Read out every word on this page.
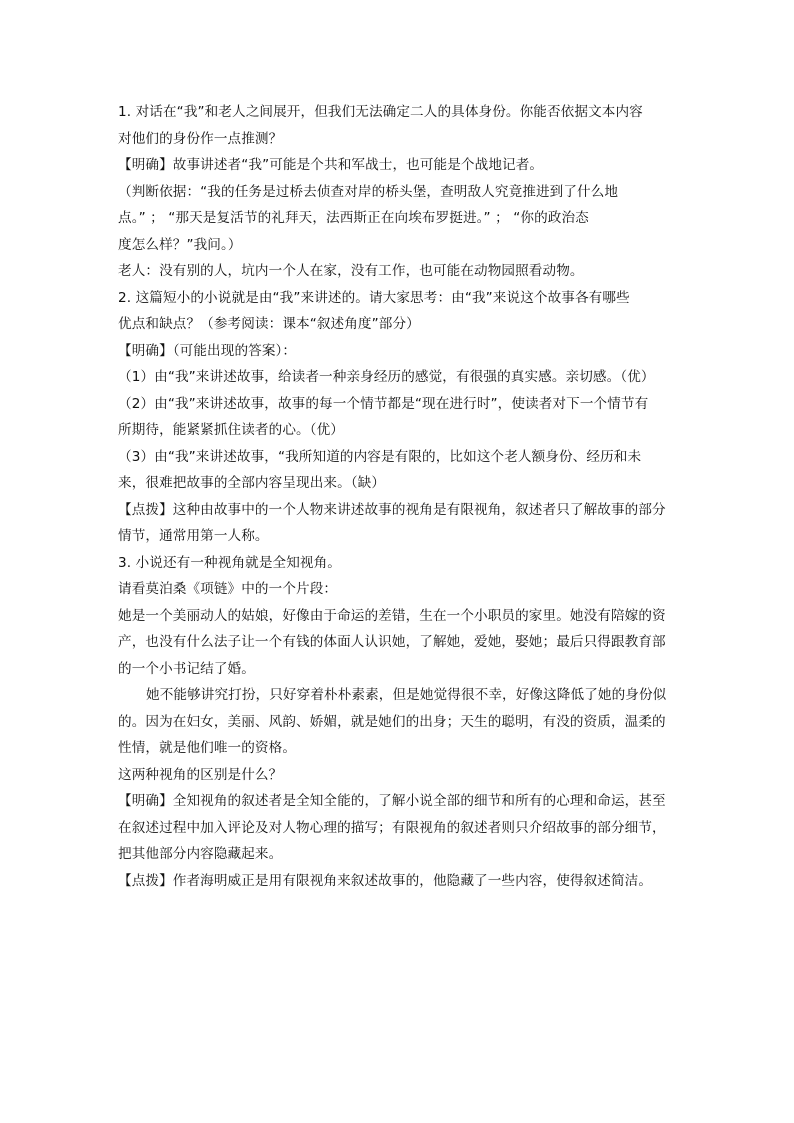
1. 对话在“我”和老人之间展开，但我们无法确定二人的具体身份。你能否依据文本内容

对他们的身份作一点推测？

【明确】故事讲述者“我”可能是个共和军战士，也可能是个战地记者。

（判断依据：“我的任务是过桥去侦查对岸的桥头堡，查明敌人究竟推进到了什么地

点。” ； “那天是复活节的礼拜天，法西斯正在向埃布罗挺进。” ； “你的政治态

度怎么样？”我问。）

老人：没有别的人，坑内一个人在家，没有工作，也可能在动物园照看动物。

2. 这篇短小的小说就是由“我”来讲述的。请大家思考：由“我”来说这个故事各有哪些

优点和缺点？（参考阅读：课本“叙述角度”部分）

【明确】（可能出现的答案）：

（1）由“我”来讲述故事，给读者一种亲身经历的感觉，有很强的真实感。亲切感。（优）

（2）由“我”来讲述故事，故事的每一个情节都是“现在进行时”，使读者对下一个情节有

所期待，能紧紧抓住读者的心。（优）

（3）由“我”来讲述故事，“我所知道的内容是有限的，比如这个老人额身份、经历和未

来，很难把故事的全部内容呈现出来。（缺）

【点拨】这种由故事中的一个人物来讲述故事的视角是有限视角，叙述者只了解故事的部分

情节，通常用第一人称。

3. 小说还有一种视角就是全知视角。

请看莫泊桑《项链》中的一个片段：

她是一个美丽动人的姑娘，好像由于命运的差错，生在一个小职员的家里。她没有陪嫁的资

产，也没有什么法子让一个有钱的体面人认识她，了解她，爱她，娶她；最后只得跟教育部

的一个小书记结了婚。

她不能够讲究打扮，只好穿着朴朴素素，但是她觉得很不幸，好像这降低了她的身份似

的。因为在妇女，美丽、风韵、娇媚，就是她们的出身；天生的聪明，有没的资质，温柔的

性情，就是他们唯一的资格。

这两种视角的区别是什么？

【明确】全知视角的叙述者是全知全能的，了解小说全部的细节和所有的心理和命运，甚至

在叙述过程中加入评论及对人物心理的描写；有限视角的叙述者则只介绍故事的部分细节，

把其他部分内容隐藏起来。

【点拨】作者海明威正是用有限视角来叙述故事的，他隐藏了一些内容，使得叙述简洁。
